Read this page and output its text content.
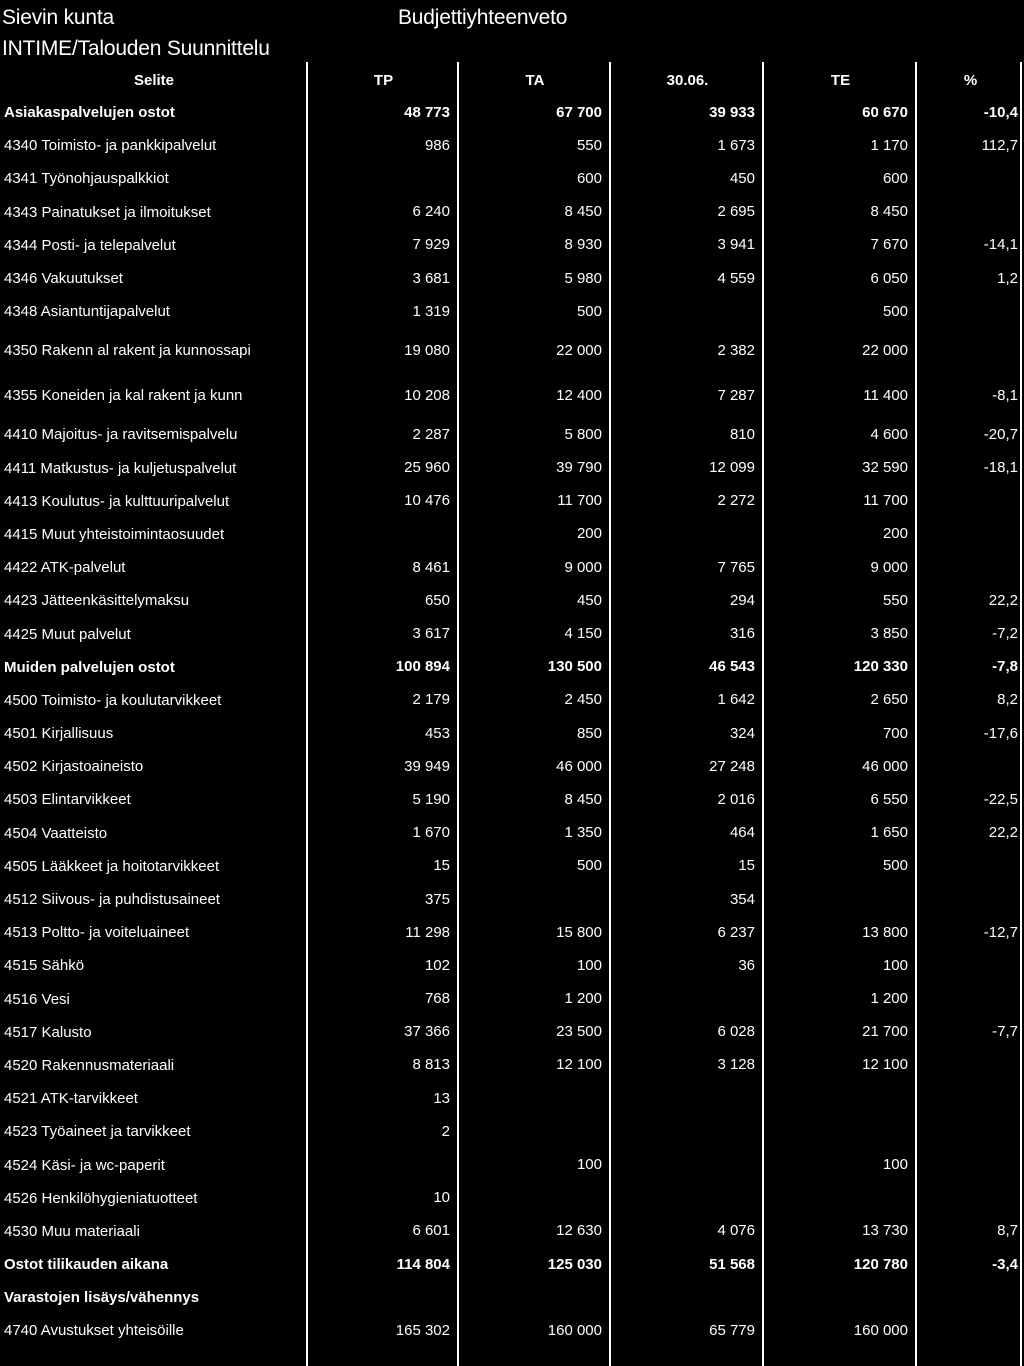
Sievin kunta
INTIME/Talouden Suunnittelu
Budjettiyhteenveto
Selite	TP	TA	30.06.	TE	%
Asiakaspalvelujen ostot	48 773	67 700	39 933	60 670	-10,4
4340 Toimisto- ja pankkipalvelut	986	550	1 673	1 170	112,7
4341 Työnohjauspalkkiot		600	450	600	
4343 Painatukset ja ilmoitukset	6 240	8 450	2 695	8 450	
4344 Posti- ja telepalvelut	7 929	8 930	3 941	7 670	-14,1
4346 Vakuutukset	3 681	5 980	4 559	6 050	1,2
4348 Asiantuntijapalvelut	1 319	500		500	
4350 Rakenn al rakent ja kunnossapi	19 080	22 000	2 382	22 000	
4355 Koneiden ja kal rakent ja kunn	10 208	12 400	7 287	11 400	-8,1
4410 Majoitus- ja ravitsemispalvelu	2 287	5 800	810	4 600	-20,7
4411 Matkustus- ja kuljetuspalvelut	25 960	39 790	12 099	32 590	-18,1
4413 Koulutus- ja kulttuuripalvelut	10 476	11 700	2 272	11 700	
4415 Muut yhteistoimintaosuudet		200		200	
4422 ATK-palvelut	8 461	9 000	7 765	9 000	
4423 Jätteenkäsittelymaksu	650	450	294	550	22,2
4425 Muut palvelut	3 617	4 150	316	3 850	-7,2
Muiden palvelujen ostot	100 894	130 500	46 543	120 330	-7,8
4500 Toimisto- ja koulutarvikkeet	2 179	2 450	1 642	2 650	8,2
4501 Kirjallisuus	453	850	324	700	-17,6
4502 Kirjastoaineisto	39 949	46 000	27 248	46 000	
4503 Elintarvikkeet	5 190	8 450	2 016	6 550	-22,5
4504 Vaatteisto	1 670	1 350	464	1 650	22,2
4505 Lääkkeet ja hoitotarvikkeet	15	500	15	500	
4512 Siivous- ja puhdistusaineet	375		354		
4513 Poltto- ja voiteluaineet	11 298	15 800	6 237	13 800	-12,7
4515 Sähkö	102	100	36	100	
4516 Vesi	768	1 200		1 200	
4517 Kalusto	37 366	23 500	6 028	21 700	-7,7
4520 Rakennusmateriaali	8 813	12 100	3 128	12 100	
4521 ATK-tarvikkeet	13				
4523 Työaineet ja tarvikkeet	2				
4524 Käsi- ja wc-paperit		100		100	
4526 Henkilöhygieniatuotteet	10				
4530 Muu materiaali	6 601	12 630	4 076	13 730	8,7
Ostot tilikauden aikana	114 804	125 030	51 568	120 780	-3,4
Varastojen lisäys/vähennys					
4740 Avustukset yhteisöille	165 302	160 000	65 779	160 000	
